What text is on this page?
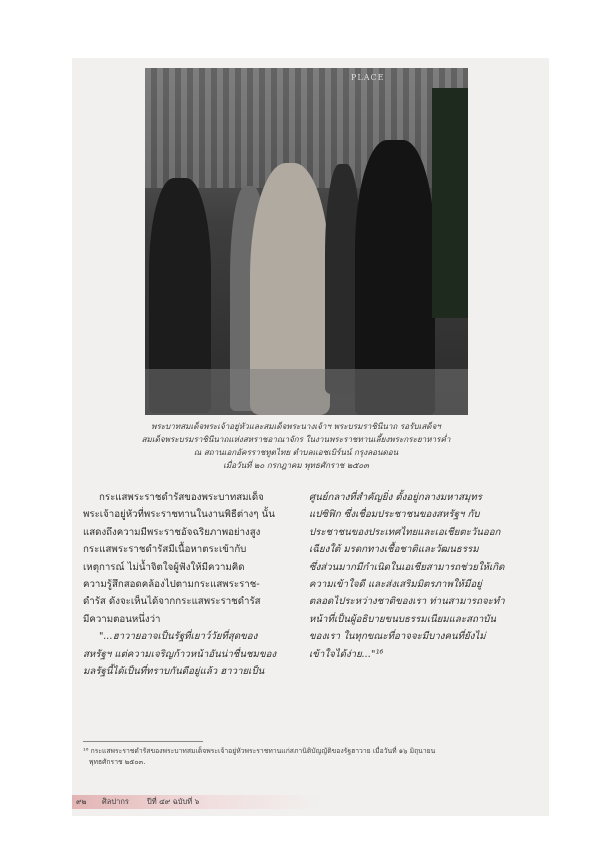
PLACE
พระบาทสมเด็จพระเจ้าอยู่หัวและสมเด็จพระนางเจ้าฯ พระบรมราชินีนาถ รอรับเสด็จฯ
สมเด็จพระบรมราชินีนาถแห่งสหราชอาณาจักร ในงานพระราชทานเลี้ยงพระกระยาหารค่ำ
ณ สถานเอกอัครราชทูตไทย ตำบลแอชเบิร์นน์ กรุงลอนดอน
เมื่อวันที่ ๒๐ กรกฎาคม พุทธศักราช ๒๕๐๓
กระแสพระราชดำรัสของพระบาทสมเด็จ
พระเจ้าอยู่หัวที่พระราชทานในงานพิธีต่างๆ นั้น
แสดงถึงความมีพระราชอัจฉริยภาพอย่างสูง
กระแสพระราชดำรัสมีเนื้อหาตระเข้ากับ
เหตุการณ์ ไม่น้ำจิตใจผู้ฟังให้มีความคิด
ความรู้สึกสอดคล้องไปตามกระแสพระราช-
ดำรัส ดังจะเห็นได้จากกระแสพระราชดำรัส
มีความตอนหนึ่งว่า
"...ฮาวายอาจเป็นรัฐที่เยาว์วัยที่สุดของ
สหรัฐฯ แต่ความเจริญก้าวหน้าอันน่าชื่นชมของ
มลรัฐนี้ได้เป็นที่ทราบกันดีอยู่แล้ว ฮาวายเป็น
ศูนย์กลางที่สำคัญยิ่ง ตั้งอยู่กลางมหาสมุทร
แปซิฟิก ซึ่งเชื่อมประชาชนของสหรัฐฯ กับ
ประชาชนของประเทศไทยและเอเชียตะวันออก
เฉียงใต้ มรดกทางเชื้อชาติและวัฒนธรรม
ซึ่งส่วนมากมีกำเนิดในเอเชียสามารถช่วยให้เกิด
ความเข้าใจดี และส่งเสริมมิตรภาพให้มีอยู่
ตลอดไประหว่างชาติของเรา ท่านสามารถจะทำ
หน้าที่เป็นผู้อธิบายขนบธรรมเนียมและสถาบัน
ของเรา ในทุกขณะที่อาจจะมีบางคนที่ยังไม่
เข้าใจได้ง่าย..."¹⁶
¹⁶ กระแสพระราชดำรัสของพระบาทสมเด็จพระเจ้าอยู่หัวพระราชทานแก่สภานิติบัญญัติของรัฐฮาวาย เมื่อวันที่ ๑๖ มิถุนายน
พุทธศักราช ๒๕๐๓.
๙๒ ศิลปากร ปีที่ ๔๙ ฉบับที่ ๖
